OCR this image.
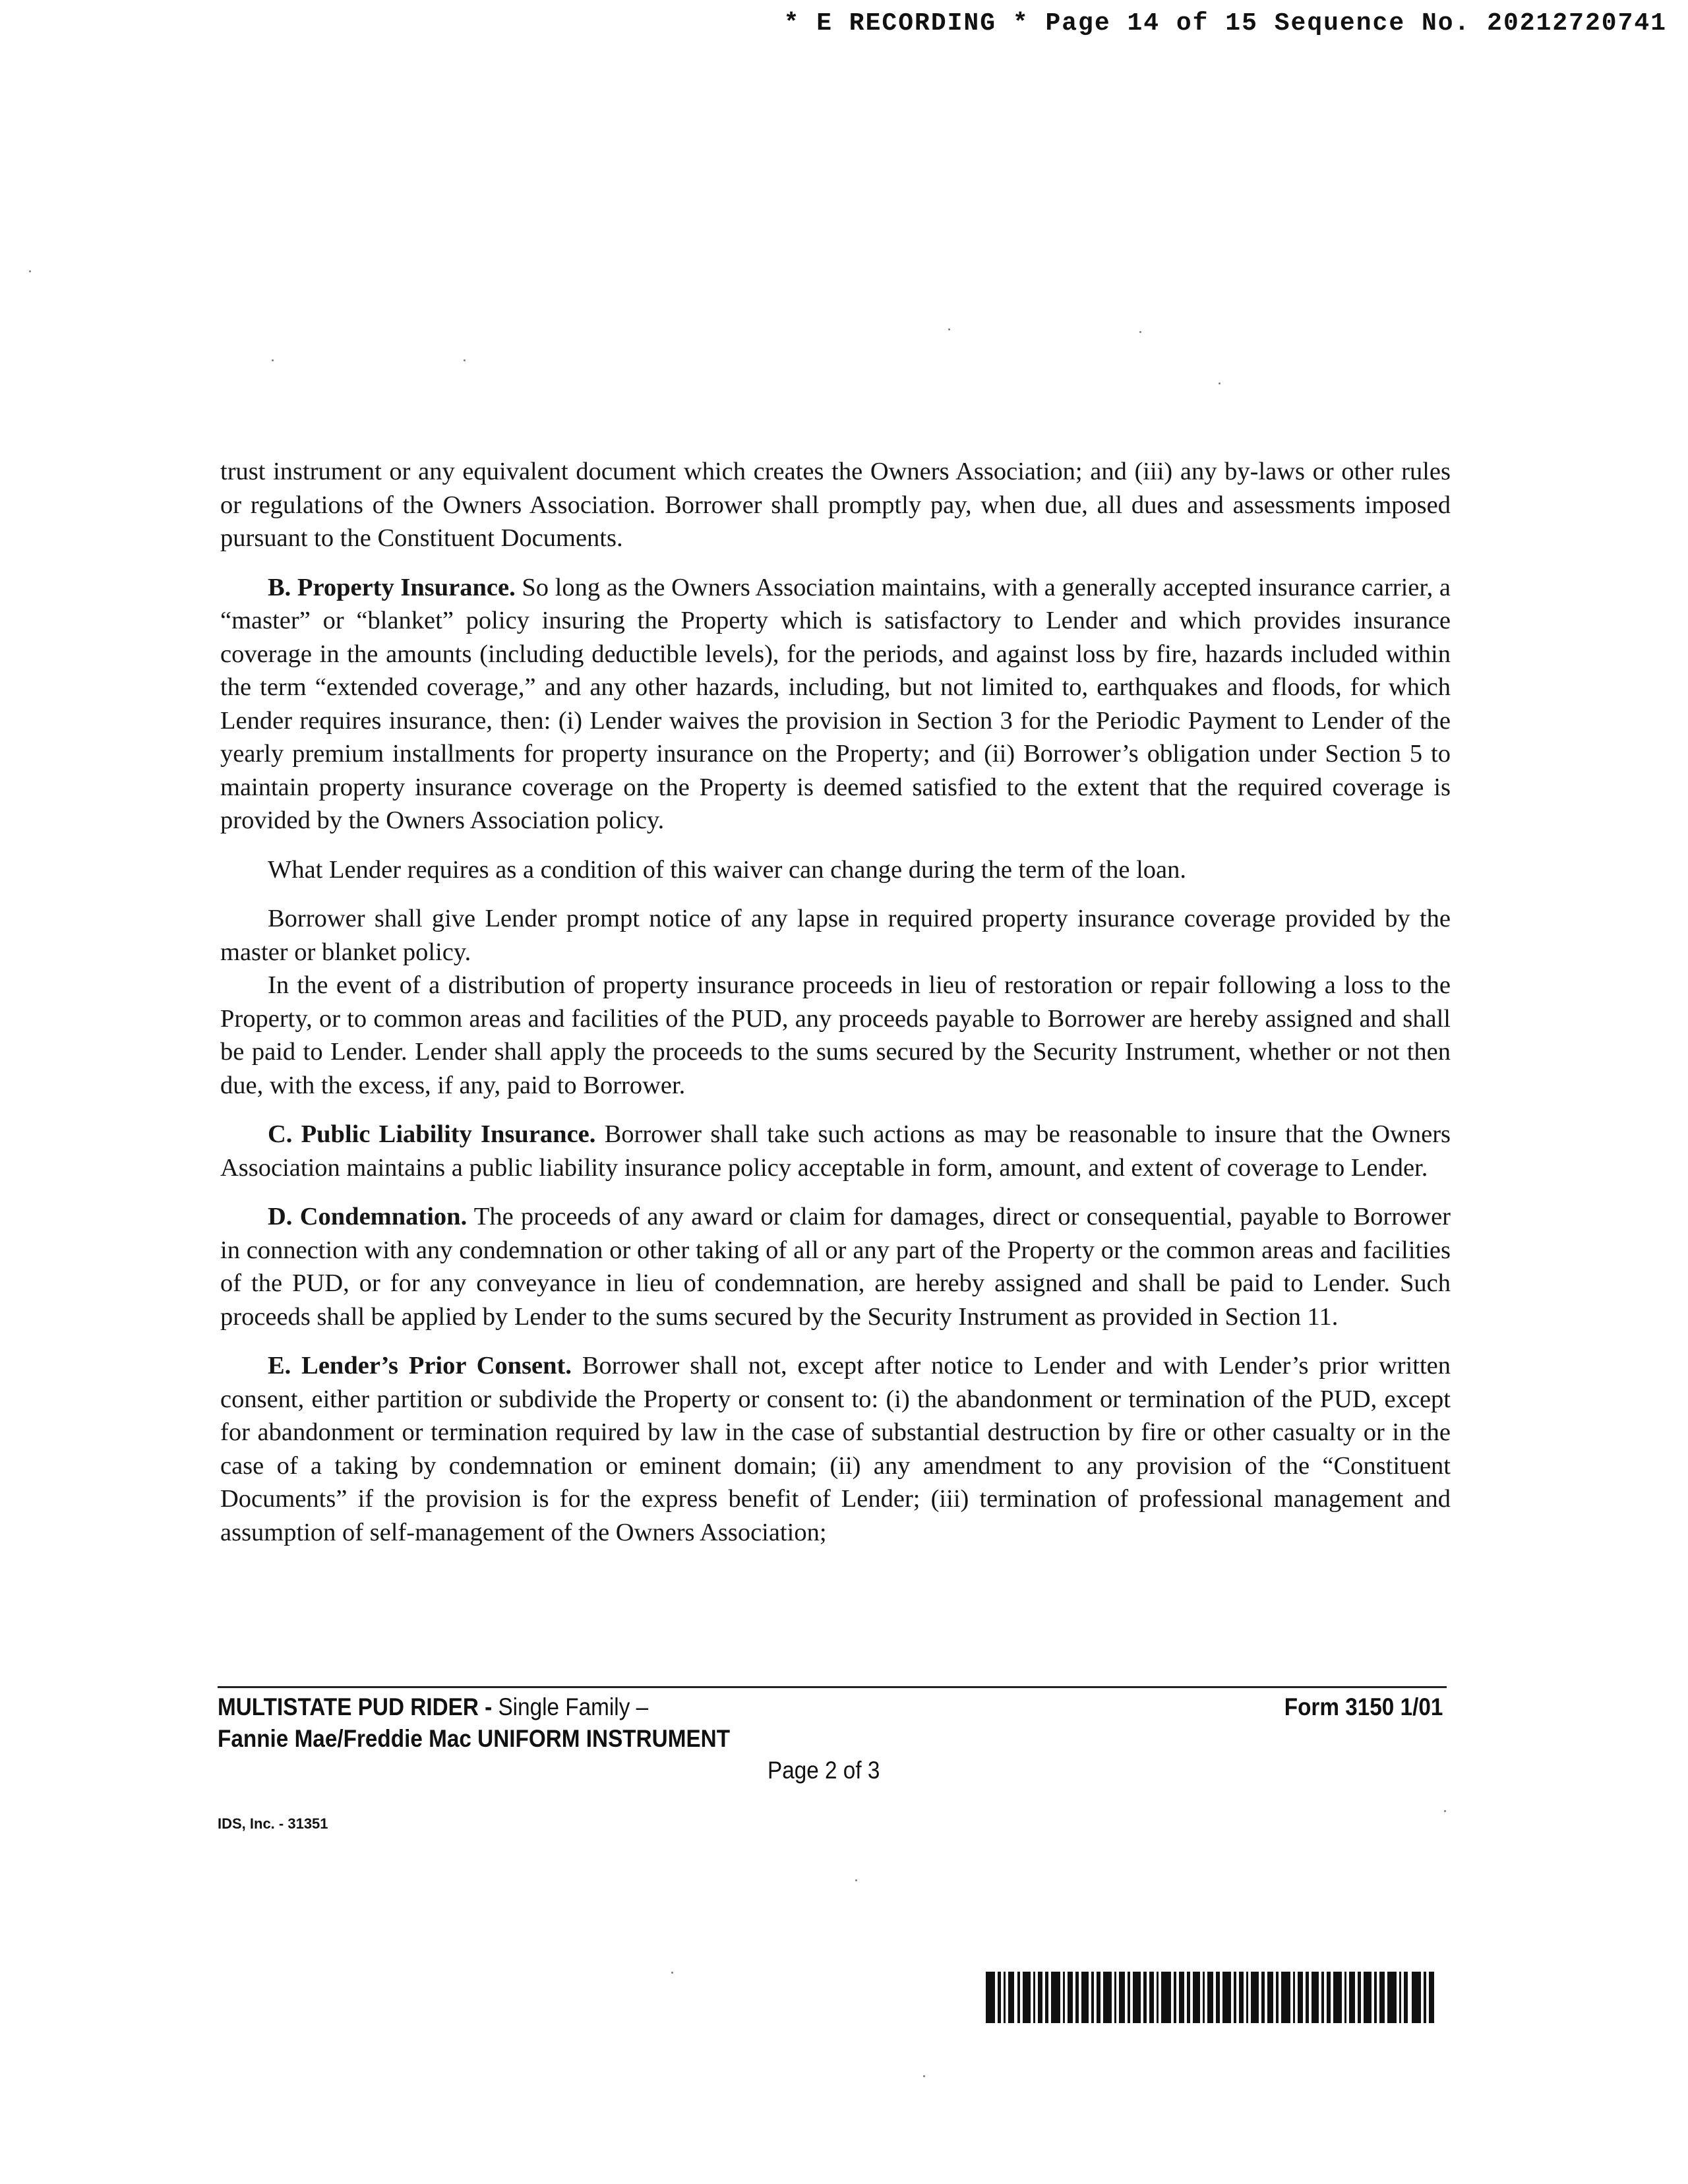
* E RECORDING * Page 14 of 15 Sequence No. 20212720741

trust instrument or any equivalent document which creates the Owners Association; and (iii) any by-laws or other rules or regulations of the Owners Association. Borrower shall promptly pay, when due, all dues and assessments imposed pursuant to the Constituent Documents.

B. Property Insurance. So long as the Owners Association maintains, with a generally accepted insurance carrier, a “master” or “blanket” policy insuring the Property which is satisfactory to Lender and which provides insurance coverage in the amounts (including deductible levels), for the periods, and against loss by fire, hazards included within the term “extended coverage,” and any other hazards, including, but not limited to, earthquakes and floods, for which Lender requires insurance, then: (i) Lender waives the provision in Section 3 for the Periodic Payment to Lender of the yearly premium installments for property insurance on the Property; and (ii) Borrower’s obligation under Section 5 to maintain property insurance coverage on the Property is deemed satisfied to the extent that the required coverage is provided by the Owners Association policy.

What Lender requires as a condition of this waiver can change during the term of the loan.

Borrower shall give Lender prompt notice of any lapse in required property insurance coverage provided by the master or blanket policy.

In the event of a distribution of property insurance proceeds in lieu of restoration or repair following a loss to the Property, or to common areas and facilities of the PUD, any proceeds payable to Borrower are hereby assigned and shall be paid to Lender. Lender shall apply the proceeds to the sums secured by the Security Instrument, whether or not then due, with the excess, if any, paid to Borrower.

C. Public Liability Insurance. Borrower shall take such actions as may be reasonable to insure that the Owners Association maintains a public liability insurance policy acceptable in form, amount, and extent of coverage to Lender.

D. Condemnation. The proceeds of any award or claim for damages, direct or consequential, payable to Borrower in connection with any condemnation or other taking of all or any part of the Property or the common areas and facilities of the PUD, or for any conveyance in lieu of condemnation, are hereby assigned and shall be paid to Lender. Such proceeds shall be applied by Lender to the sums secured by the Security Instrument as provided in Section 11.

E. Lender’s Prior Consent. Borrower shall not, except after notice to Lender and with Lender’s prior written consent, either partition or subdivide the Property or consent to: (i) the abandonment or termination of the PUD, except for abandonment or termination required by law in the case of substantial destruction by fire or other casualty or in the case of a taking by condemnation or eminent domain; (ii) any amendment to any provision of the “Constituent Documents” if the provision is for the express benefit of Lender; (iii) termination of professional management and assumption of self-management of the Owners Association;

MULTISTATE PUD RIDER - Single Family –
Fannie Mae/Freddie Mac UNIFORM INSTRUMENT
Form 3150 1/01
Page 2 of 3
IDS, Inc. - 31351
